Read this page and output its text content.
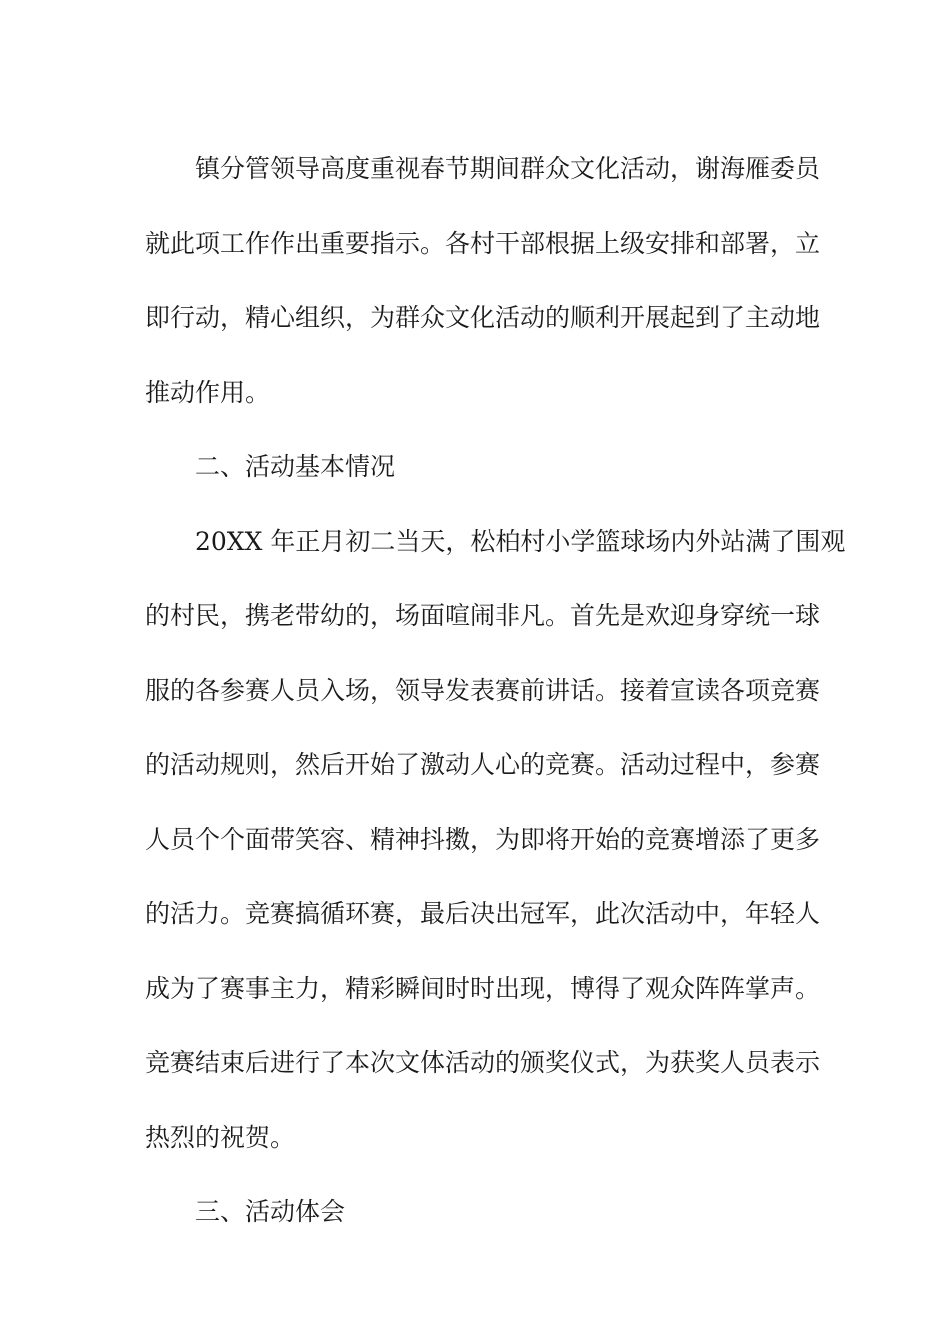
镇分管领导高度重视春节期间群众文化活动，谢海雁委员
就此项工作作出重要指示。各村干部根据上级安排和部署，立
即行动，精心组织，为群众文化活动的顺利开展起到了主动地
推动作用。
二、活动基本情况
20XX 年正月初二当天，松柏村小学篮球场内外站满了围观
的村民，携老带幼的，场面喧闹非凡。首先是欢迎身穿统一球
服的各参赛人员入场，领导发表赛前讲话。接着宣读各项竞赛
的活动规则，然后开始了激动人心的竞赛。活动过程中，参赛
人员个个面带笑容、精神抖擞，为即将开始的竞赛增添了更多
的活力。竞赛搞循环赛，最后决出冠军，此次活动中，年轻人
成为了赛事主力，精彩瞬间时时出现，博得了观众阵阵掌声。
竞赛结束后进行了本次文体活动的颁奖仪式，为获奖人员表示
热烈的祝贺。
三、活动体会
